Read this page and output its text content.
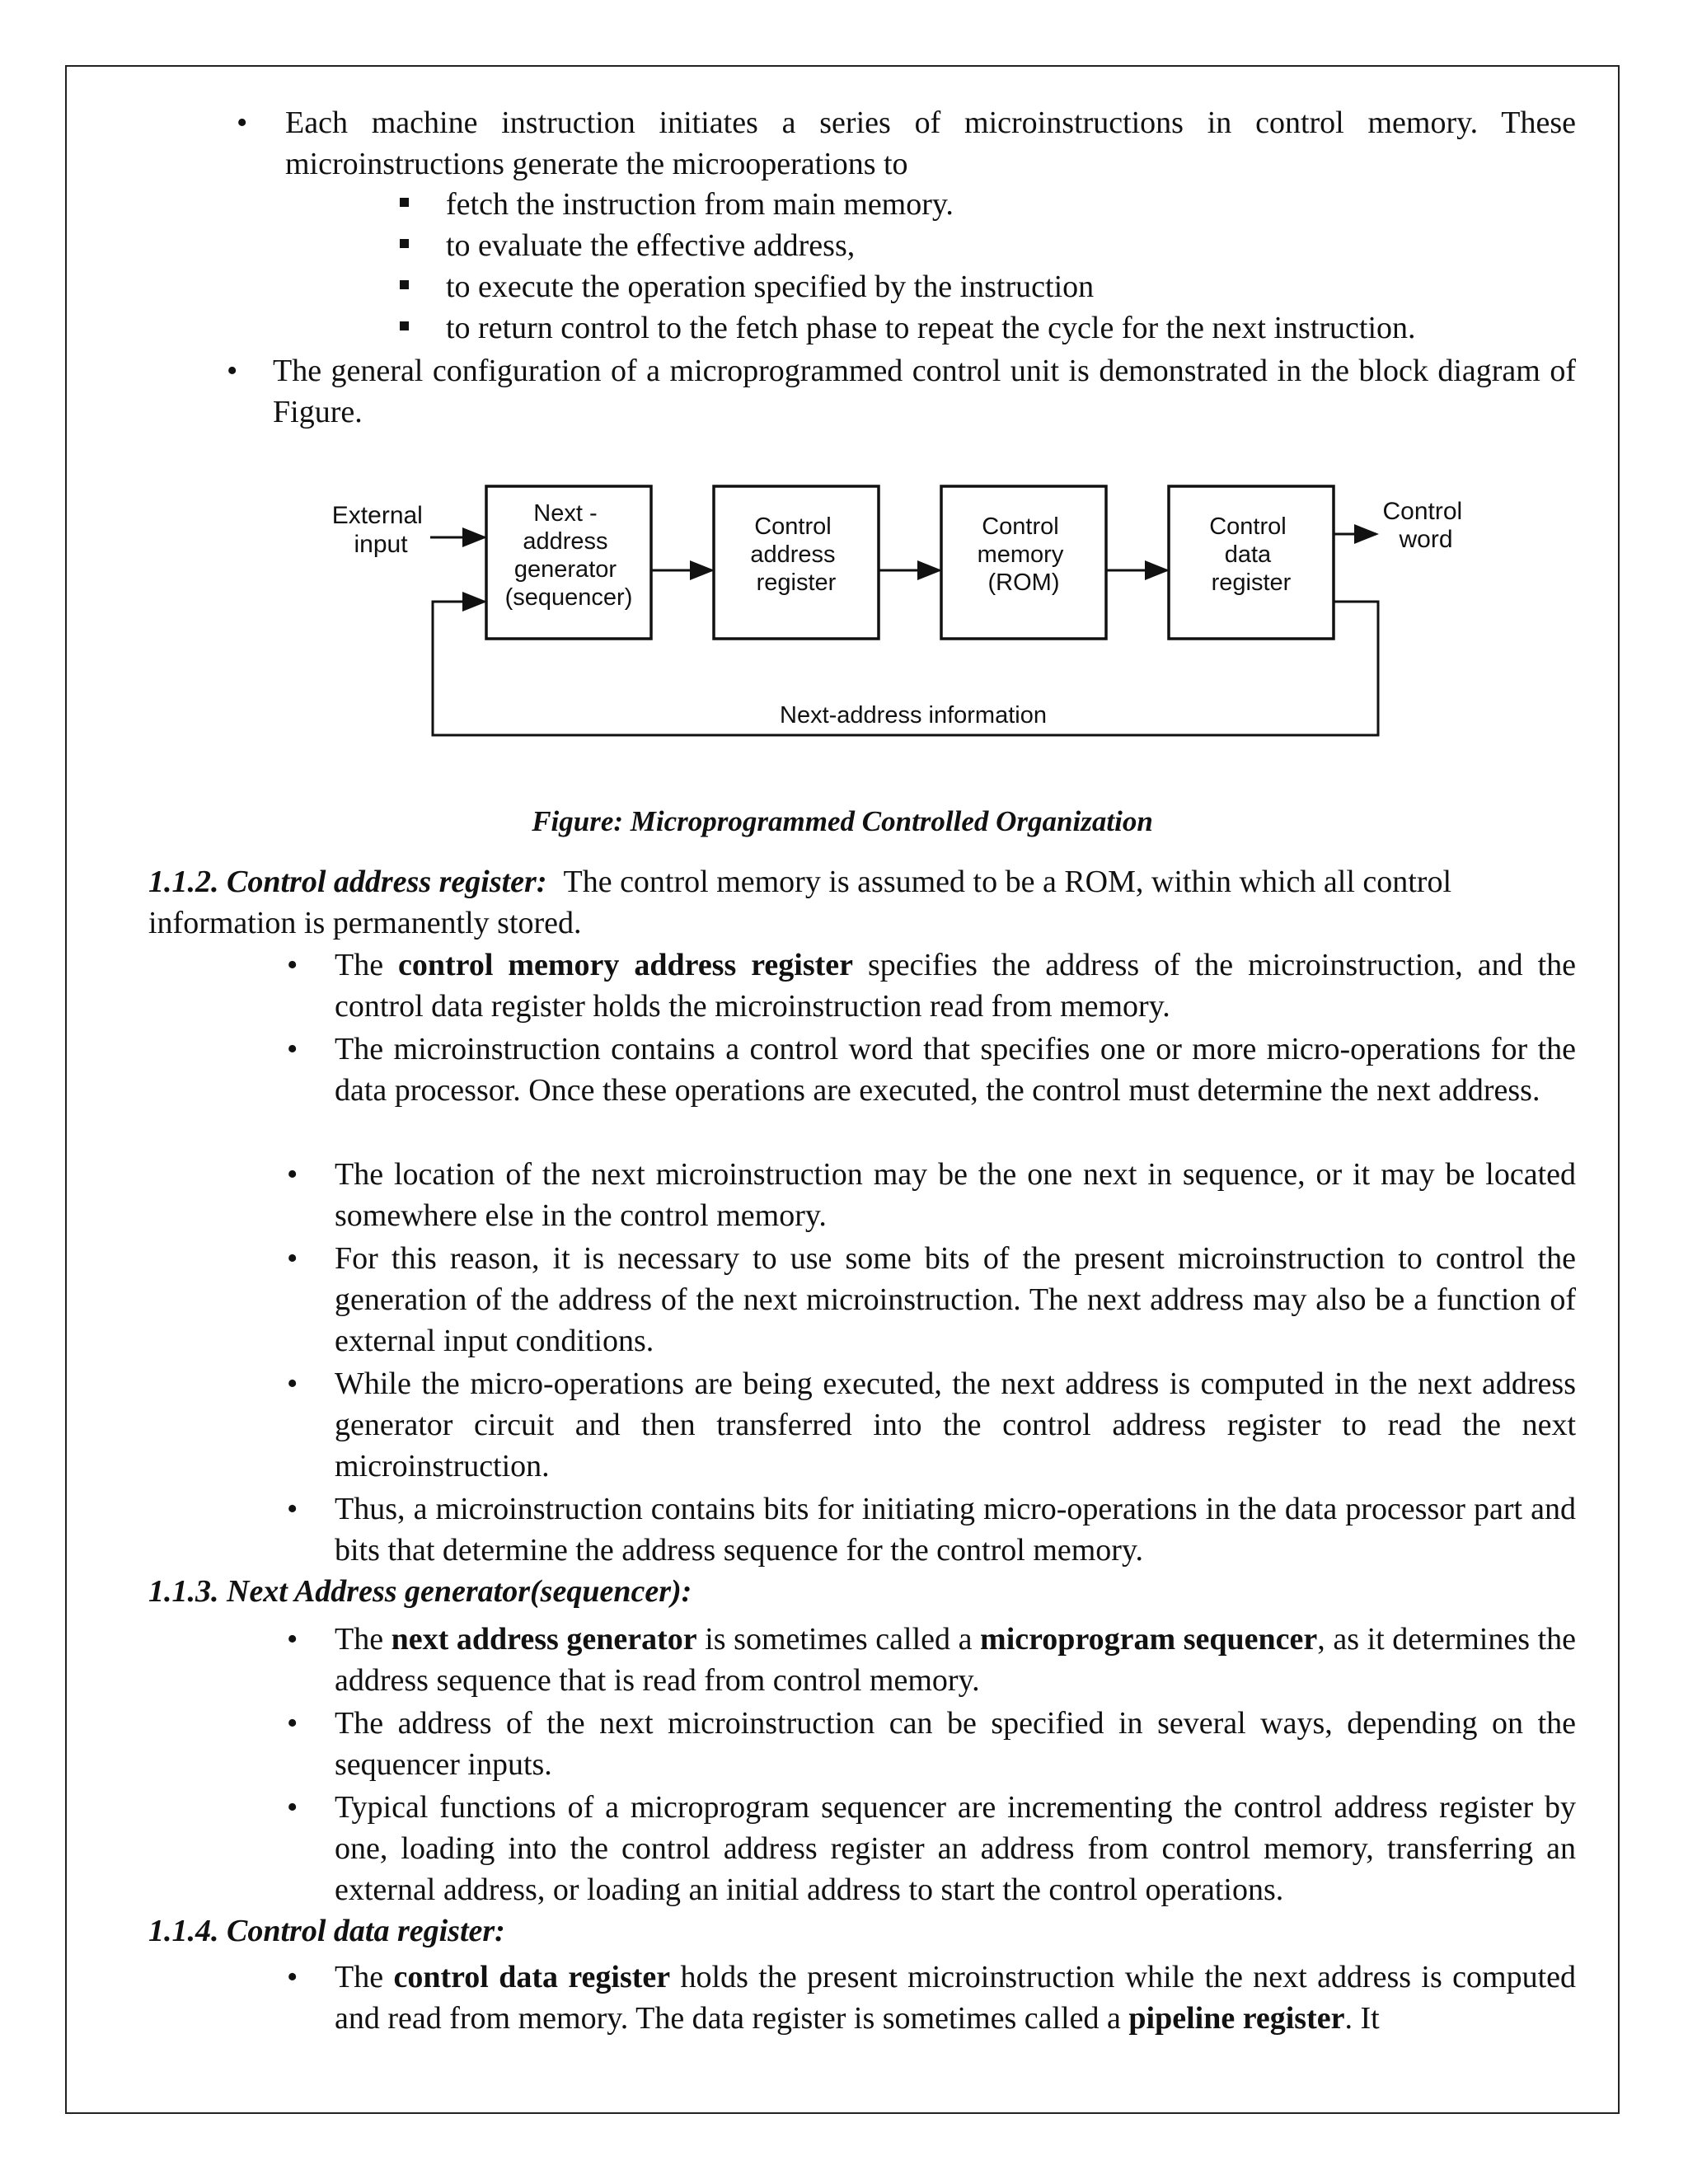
• Each machine instruction initiates a series of microinstructions in control memory. These microinstructions generate the microoperations to

fetch the instruction from main memory.

to evaluate the effective address,

to execute the operation specified by the instruction

to return control to the fetch phase to repeat the cycle for the next instruction.

• The general configuration of a microprogrammed control unit is demonstrated in the block diagram of Figure.

External input
Next - address generator (sequencer)
Control address register
Control memory (ROM)
Control data register
Control word
Next-address information
Figure: Microprogrammed Controlled Organization

1.1.2. Control address register: The control memory is assumed to be a ROM, within which all control

information is permanently stored.

• The control memory address register specifies the address of the microinstruction, and the control data register holds the microinstruction read from memory.

• The microinstruction contains a control word that specifies one or more micro-operations for the data processor. Once these operations are executed, the control must determine the next address.

• The location of the next microinstruction may be the one next in sequence, or it may be located somewhere else in the control memory.

• For this reason, it is necessary to use some bits of the present microinstruction to control the generation of the address of the next microinstruction. The next address may also be a function of external input conditions.

• While the micro-operations are being executed, the next address is computed in the next address generator circuit and then transferred into the control address register to read the next microinstruction.

• Thus, a microinstruction contains bits for initiating micro-operations in the data processor part and bits that determine the address sequence for the control memory.

1.1.3. Next Address generator(sequencer):
• The next address generator is sometimes called a microprogram sequencer, as it determines the address sequence that is read from control memory.

• The address of the next microinstruction can be specified in several ways, depending on the sequencer inputs.

• Typical functions of a microprogram sequencer are incrementing the control address register by one, loading into the control address register an address from control memory, transferring an external address, or loading an initial address to start the control operations.

1.1.4. Control data register:
• The control data register holds the present microinstruction while the next address is computed and read from memory. The data register is sometimes called a pipeline register. It
